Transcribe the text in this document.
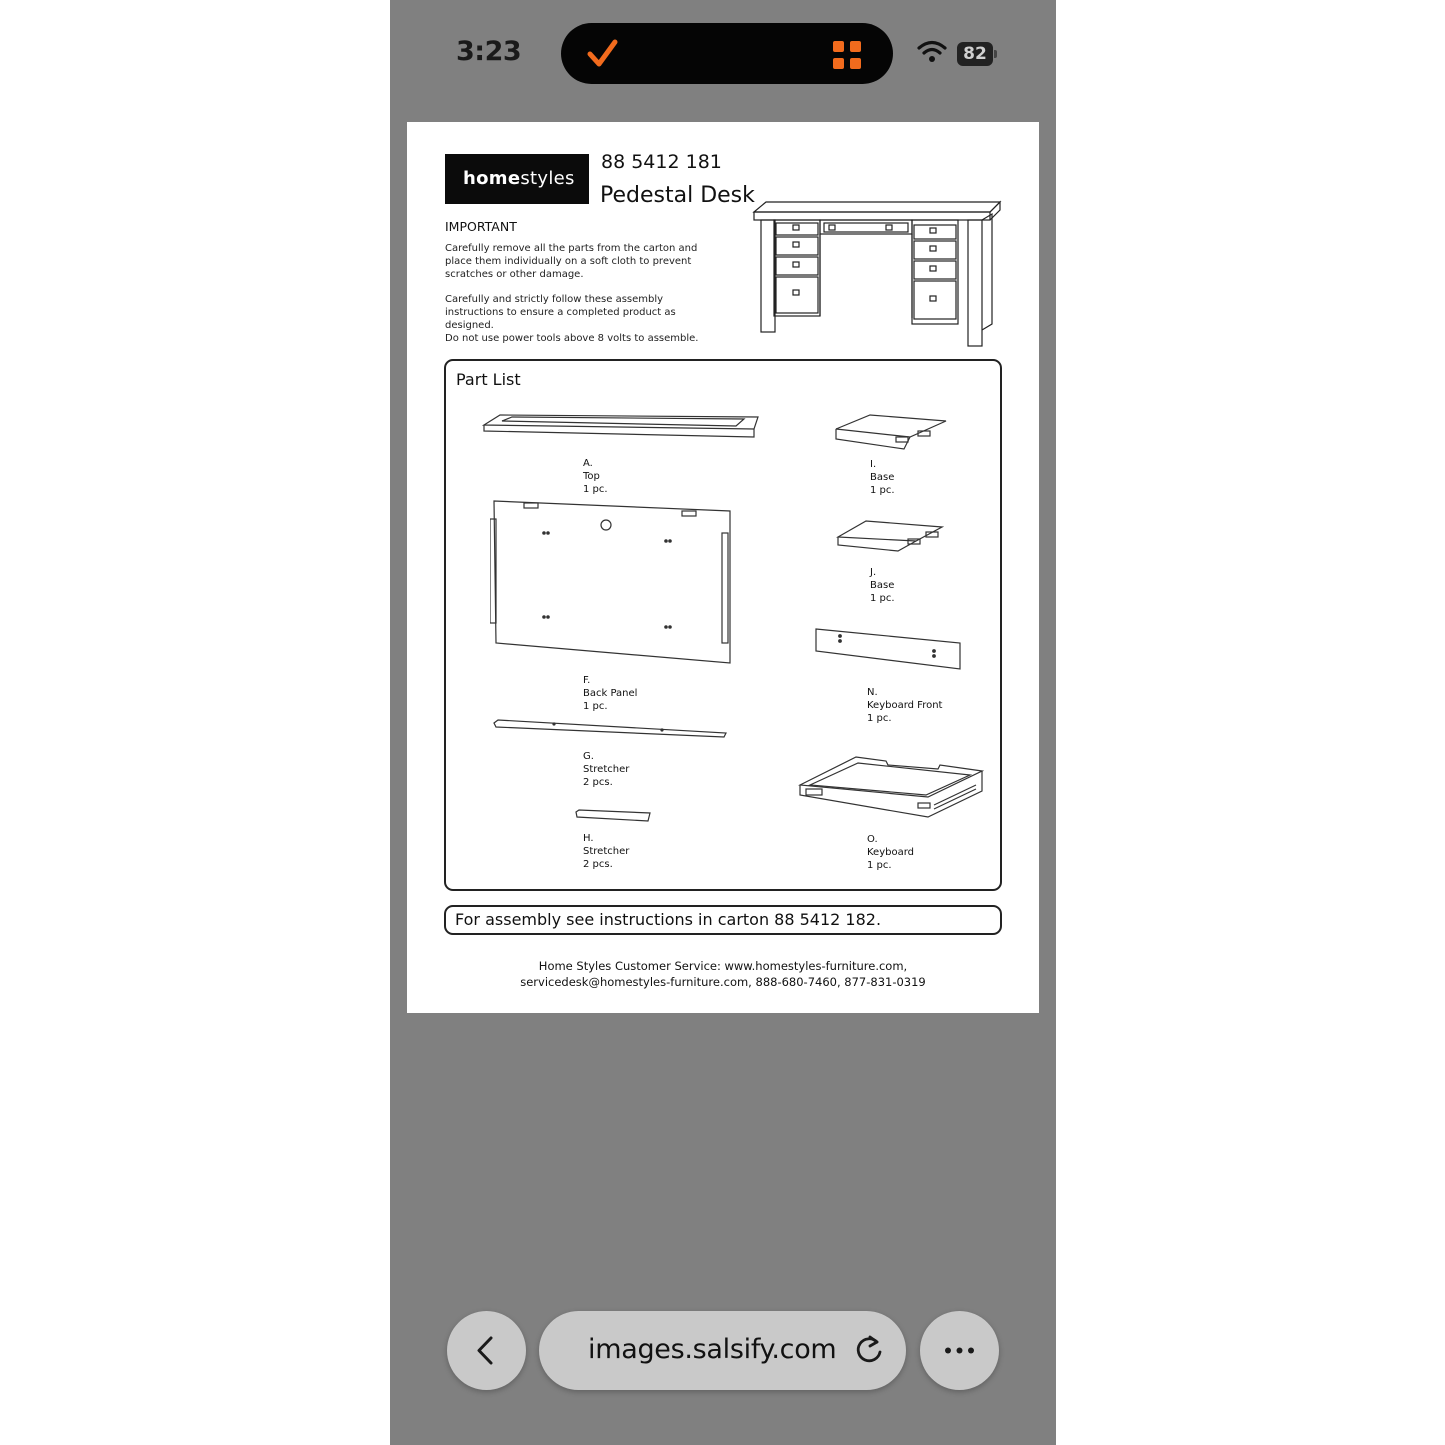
3:23	82
homestyles
88 5412 181
Pedestal Desk
IMPORTANT
Carefully remove all the parts from the carton and place them individually on a soft cloth to prevent scratches or other damage.
Carefully and strictly follow these assembly instructions to ensure a completed product as designed.
Do not use power tools above 8 volts to assemble.
Part List
A.
Top
1 pc.
F.
Back Panel
1 pc.
G.
Stretcher
2 pcs.
H.
Stretcher
2 pcs.
I.
Base
1 pc.
J.
Base
1 pc.
N.
Keyboard Front
1 pc.
O.
Keyboard
1 pc.
For assembly see instructions in carton 88 5412 182.
Home Styles Customer Service: www.homestyles-furniture.com,
servicedesk@homestyles-furniture.com, 888-680-7460, 877-831-0319
images.salsify.com
